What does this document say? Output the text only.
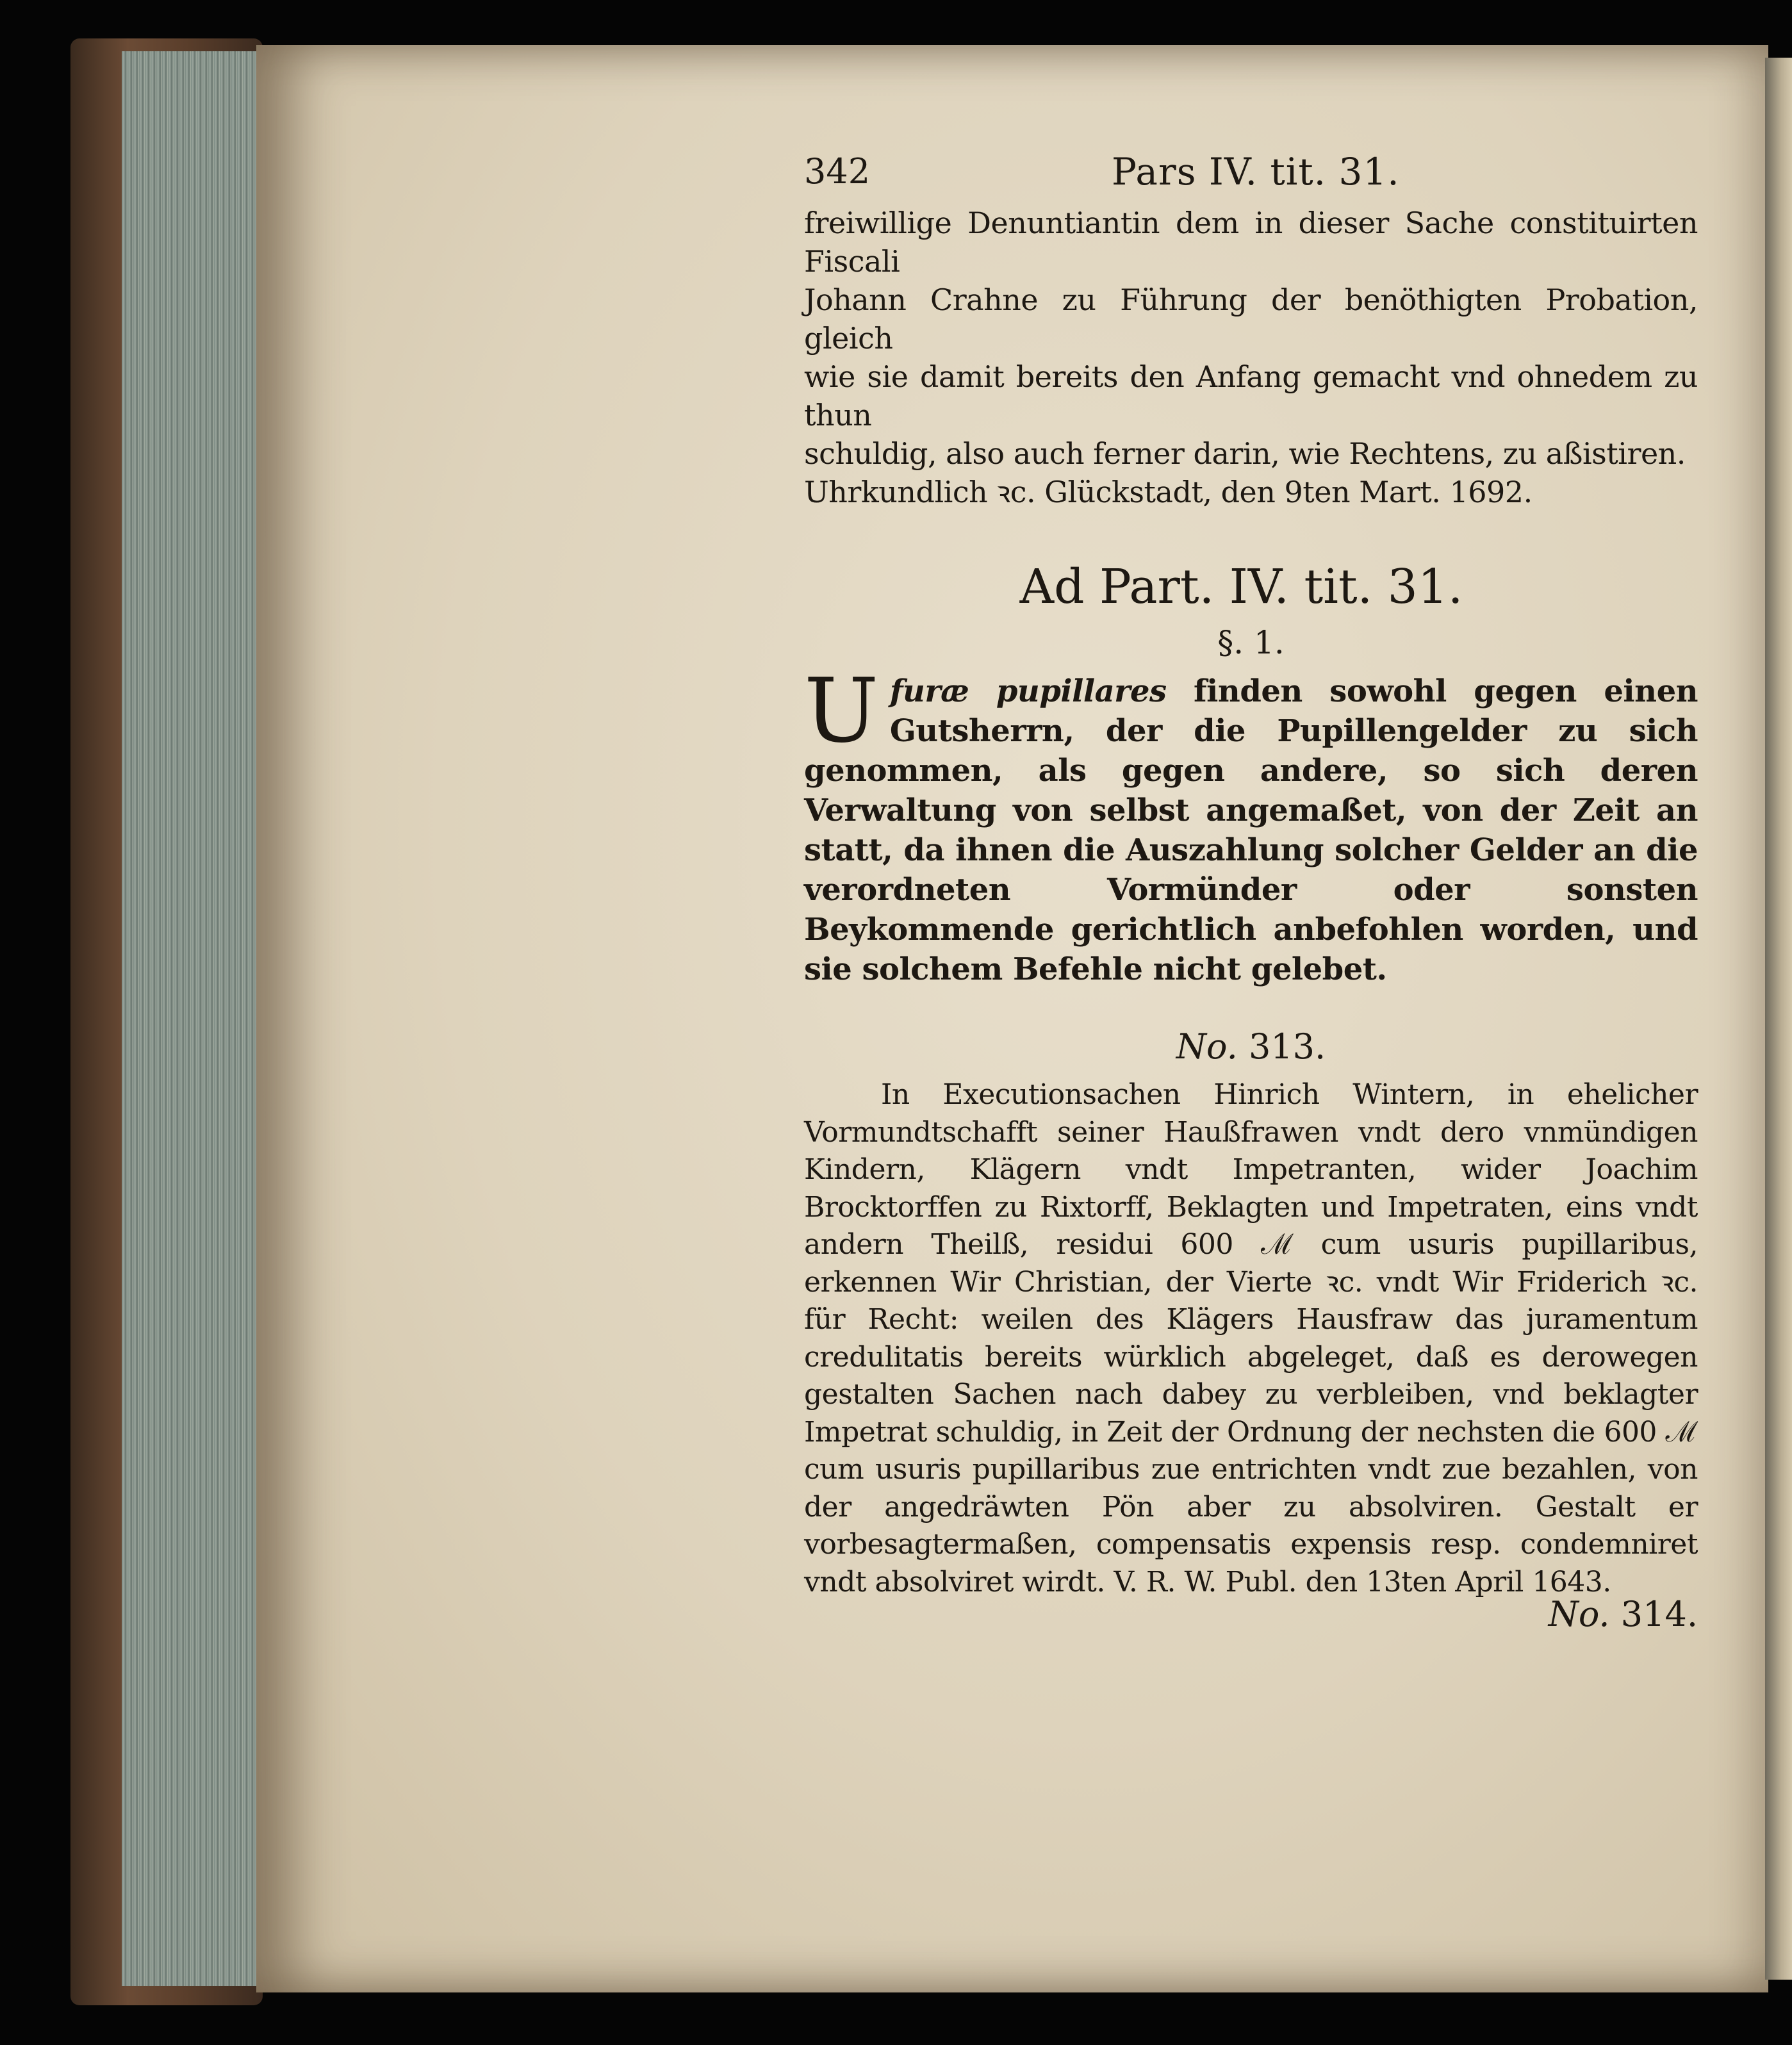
342	Pars IV. tit. 31.

freiwillige Denuntiantin dem in dieser Sache constituirten Fiscali

Johann Crahne zu Führung der benöthigten Probation, gleich

wie sie damit bereits den Anfang gemacht vnd ohnedem zu thun

schuldig, also auch ferner darin, wie Rechtens, zu aßistiren.

Uhrkundlich ꝛc. Glückstadt, den 9ten Mart. 1692.

Ad Part. IV. tit. 31.
§. 1.
Ufuræ pupillares finden sowohl gegen einen Gutsherrn, der die Pupillengelder zu sich genommen, als gegen andere, so sich deren Verwaltung von selbst angemaßet, von der Zeit an statt, da ihnen die Auszahlung solcher Gelder an die verordneten Vormünder oder sonsten Beykommende gerichtlich anbefohlen worden, und sie solchem Befehle nicht gelebet.
No. 313.

In Executionsachen Hinrich Wintern, in ehelicher Vormundtschafft seiner Haußfrawen vndt dero vnmündigen Kindern, Klägern vndt Impetranten, wider Joachim Brocktorffen zu Rixtorff, Beklagten und Impetraten, eins vndt andern Theilß, residui 600 ℳ cum usuris pupillaribus, erkennen Wir Christian, der Vierte ꝛc. vndt Wir Friderich ꝛc. für Recht: weilen des Klägers Hausfraw das juramentum credulitatis bereits würklich abgeleget, daß es derowegen gestalten Sachen nach dabey zu verbleiben, vnd beklagter Impetrat schuldig, in Zeit der Ordnung der nechsten die 600 ℳ cum usuris pupillaribus zue entrichten vndt zue bezahlen, von der angedräwten Pön aber zu absolviren. Gestalt er vorbesagtermaßen, compensatis expensis resp. condemniret vndt absolviret wirdt. V. R. W. Publ. den 13ten April 1643.

No. 314.
